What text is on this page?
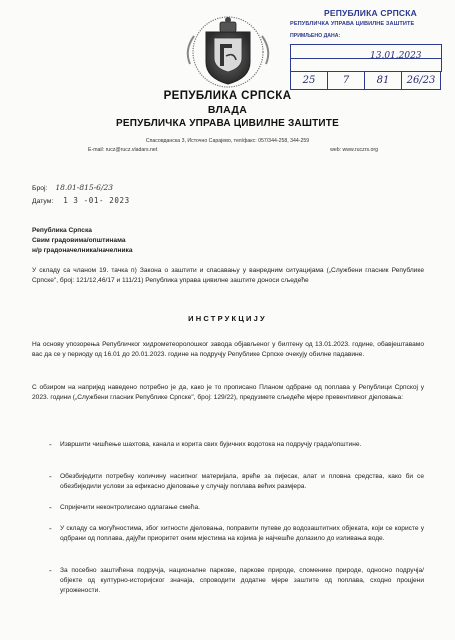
РЕПУБЛИКА СРПСКА
РЕПУБЛИЧКА УПРАВА ЦИВИЛНЕ ЗАШТИТЕ
ПРИМЉЕНО ДАНА:
13.01.2023
25	7	81	26/23
РЕПУБЛИКА СРПСКА
ВЛАДА
РЕПУБЛИЧКА УПРАВА ЦИВИЛНЕ ЗАШТИТЕ
Спасовданска 3, Источно Сарајево, тел/факс: 057/344-258, 344-259
E-mail: rucz@rucz.vladars.net	web: www.ruczrs.org
Број: 18.01-815-6/23
Датум: 1 3 -01- 2023
Република Српска
Свим градовима/општинама
н/р градоначелника/начелника
У складу са чланом 19. тачка п) Закона о заштити и спасавању у ванредним ситуацијама („Службени гласник Републике Српске", број: 121/12,46/17 и 111/21) Република управа цивилне заштите доноси сљедеће
ИНСТРУКЦИЈУ
На основу упозорења Републичког хидрометеоролошког завода објављеног у билтену од 13.01.2023. године, обавјештавамо вас да се у периоду од 16.01 до 20.01.2023. године на подручју Републике Српске очекују обилне падавине.
С обзиром на напријед наведено потребно је да, како је то прописано Планом одбране од поплава у Републици Српској у 2023. години („Службени гласник Републике Српске", број: 129/22), предузмете сљедеће мјере превентивног дјеловања:
- Извршити чишћење шахтова, канала и корита свих бујичних водотока на подручју града/општине.
- Обезбиједити потребну количину насипног материјала, вреће за пијесак, алат и пловна средства, како би се обезбиједили услови за ефикасно дјеловање у случају поплава већих размјера.
- Спријечити неконтролисано одлагање смећа.
- У складу са могућностима, због хитности дјеловања, поправити путеве до водозаштитних објеката, који се користе у одбрани од поплава, дајући приоритет оним мјестима на којима је најчешће долазило до изливања воде.
- За посебно заштићена подручја, националне паркове, паркове природе, споменике природе, односно подручја/објекте од културно-историјског значаја, спроводити додатне мјере заштите од поплава, сходно процјени угрожености.
